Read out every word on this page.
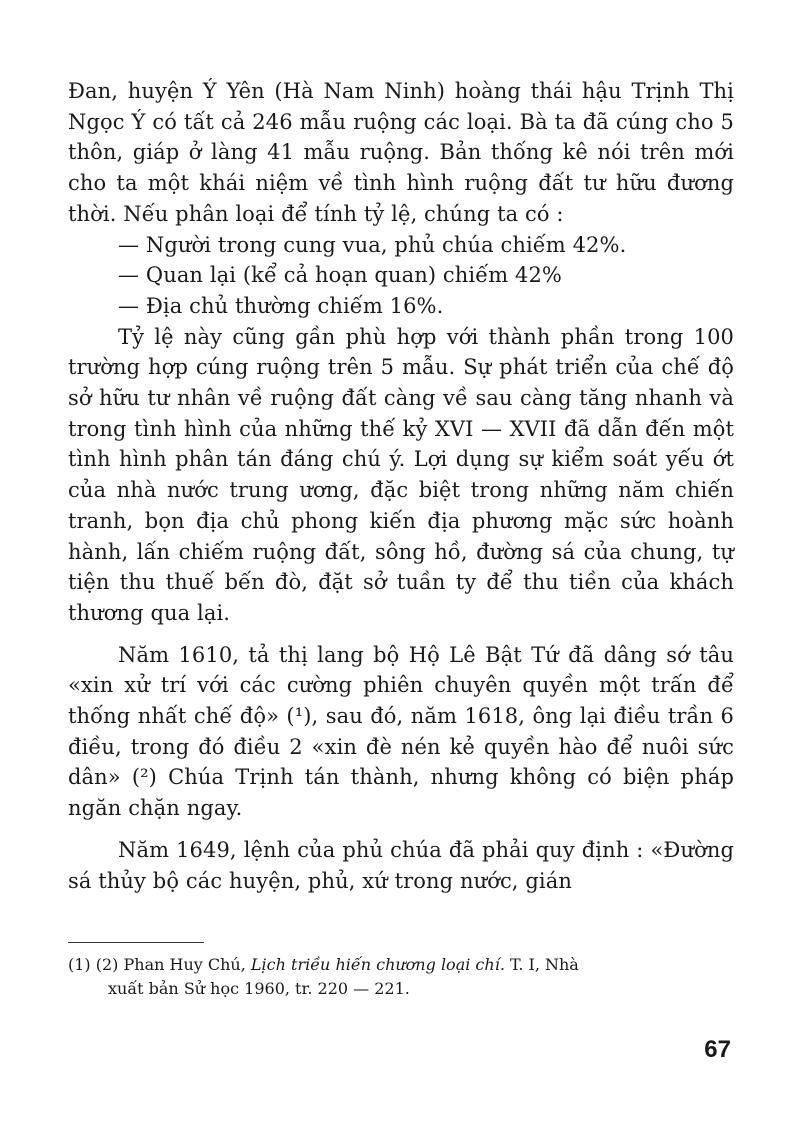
Đan, huyện Ý Yên (Hà Nam Ninh) hoàng thái hậu Trịnh Thị Ngọc Ý có tất cả 246 mẫu ruộng các loại. Bà ta đã cúng cho 5 thôn, giáp ở làng 41 mẫu ruộng. Bản thống kê nói trên mới cho ta một khái niệm về tình hình ruộng đất tư hữu đương thời. Nếu phân loại để tính tỷ lệ, chúng ta có :

— Người trong cung vua, phủ chúa chiếm 42%.

— Quan lại (kể cả hoạn quan) chiếm 42%

— Địa chủ thường chiếm 16%.

Tỷ lệ này cũng gần phù hợp với thành phần trong 100 trường hợp cúng ruộng trên 5 mẫu. Sự phát triển của chế độ sở hữu tư nhân về ruộng đất càng về sau càng tăng nhanh và trong tình hình của những thế kỷ XVI — XVII đã dẫn đến một tình hình phân tán đáng chú ý. Lợi dụng sự kiểm soát yếu ớt của nhà nước trung ương, đặc biệt trong những năm chiến tranh, bọn địa chủ phong kiến địa phương mặc sức hoành hành, lấn chiếm ruộng đất, sông hồ, đường sá của chung, tự tiện thu thuế bến đò, đặt sở tuần ty để thu tiền của khách thương qua lại.

Năm 1610, tả thị lang bộ Hộ Lê Bật Tứ đã dâng sớ tâu «xin xử trí với các cường phiên chuyên quyền một trấn để thống nhất chế độ» (¹), sau đó, năm 1618, ông lại điều trần 6 điều, trong đó điều 2 «xin đè nén kẻ quyền hào để nuôi sức dân» (²) Chúa Trịnh tán thành, nhưng không có biện pháp ngăn chặn ngay.

Năm 1649, lệnh của phủ chúa đã phải quy định : «Đường sá thủy bộ các huyện, phủ, xứ trong nước, gián

(1) (2) Phan Huy Chú, Lịch triều hiến chương loại chí. T. I, Nhà
xuất bản Sử học 1960, tr. 220 — 221.
67
